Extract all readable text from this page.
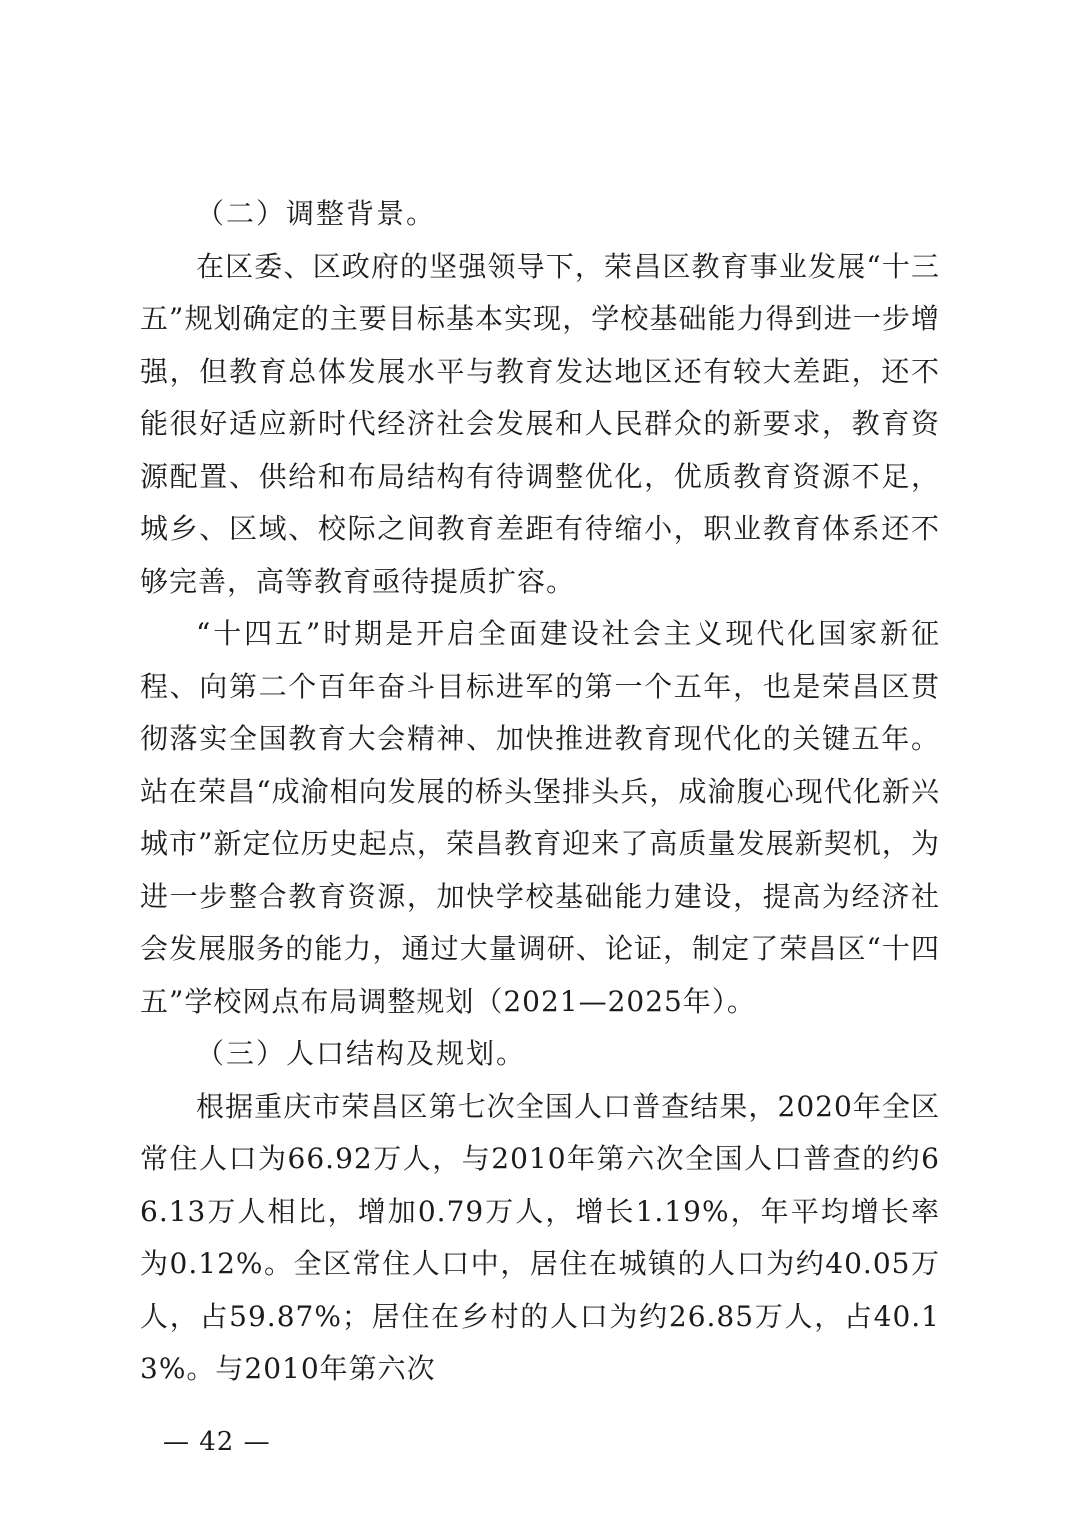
（二）调整背景。

在区委、区政府的坚强领导下，荣昌区教育事业发展“十三五”规划确定的主要目标基本实现，学校基础能力得到进一步增强，但教育总体发展水平与教育发达地区还有较大差距，还不能很好适应新时代经济社会发展和人民群众的新要求，教育资源配置、供给和布局结构有待调整优化，优质教育资源不足，城乡、区域、校际之间教育差距有待缩小，职业教育体系还不够完善，高等教育亟待提质扩容。

“十四五”时期是开启全面建设社会主义现代化国家新征程、向第二个百年奋斗目标进军的第一个五年，也是荣昌区贯彻落实全国教育大会精神、加快推进教育现代化的关键五年。站在荣昌“成渝相向发展的桥头堡排头兵，成渝腹心现代化新兴城市”新定位历史起点，荣昌教育迎来了高质量发展新契机，为进一步整合教育资源，加快学校基础能力建设，提高为经济社会发展服务的能力，通过大量调研、论证，制定了荣昌区“十四五”学校网点布局调整规划（2021—2025年）。

（三）人口结构及规划。

根据重庆市荣昌区第七次全国人口普查结果，2020年全区常住人口为66.92万人，与2010年第六次全国人口普查的约66.13万人相比，增加0.79万人，增长1.19%，年平均增长率为0.12%。全区常住人口中，居住在城镇的人口为约40.05万人，占59.87%；居住在乡村的人口为约26.85万人，占40.13%。与2010年第六次

— 42 —
